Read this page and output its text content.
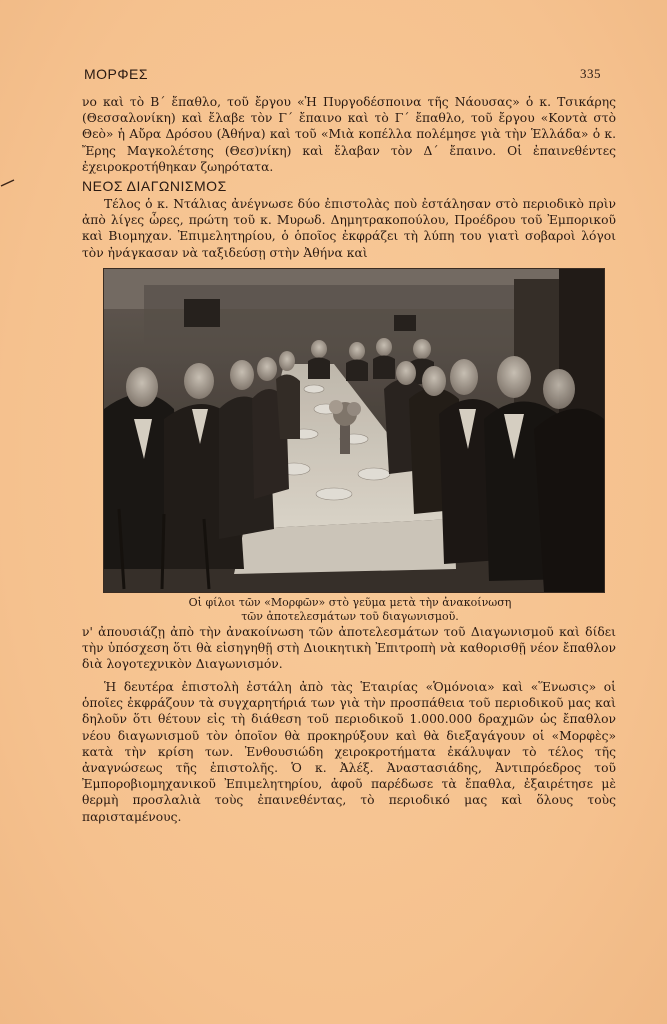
ΜΟΡΦΕΣ	335

νο καὶ τὸ Β΄ ἔπαθλο, τοῦ ἔργου «Ἡ Πυργοδέσποινα τῆς Νάουσας» ὁ κ. Τσικάρης (Θεσσαλονίκη) καὶ ἔλαβε τὸν Γ΄ ἔπαινο καὶ τὸ Γ΄ ἔπαθλο, τοῦ ἔργου «Κοντὰ στὸ Θεὸ» ἡ Αὔρα Δρόσου (Ἀθήνα) καὶ τοῦ «Μιὰ κοπέλλα πολέμησε γιὰ τὴν Ἑλλάδα» ὁ κ. Ἔρης Μαγκολέτσης (Θεσ)νίκη) καὶ ἔλαβαν τὸν Δ΄ ἔπαινο. Οἱ ἐπαινεθέντες ἐχειροκροτήθηκαν ζωηρότατα.

ΝΕΟΣ ΔΙΑΓΩΝΙΣΜΟΣ

Τέλος ὁ κ. Ντάλιας ἀνέγνωσε δύο ἐπιστολὰς ποὺ ἐστάλησαν στὸ περιοδικὸ πρὶν ἀπὸ λίγες ὧρες, πρώτη τοῦ κ. Μυρωδ. Δημητρακοπούλου, Προέδρου τοῦ Ἐμπορικοῦ καὶ Βιομηχαν. Ἐπιμελητηρίου, ὁ ὁποῖος ἐκφράζει τὴ λύπη του γιατὶ σοβαροὶ λόγοι τὸν ἠνάγκασαν νὰ ταξιδεύσῃ στὴν Ἀθήνα καὶ

Οἱ φίλοι τῶν «Μορφῶν» στὸ γεῦμα μετὰ τὴν ἀνακοίνωση
τῶν ἀποτελεσμάτων τοῦ διαγωνισμοῦ.

ν' ἀπουσιάζῃ ἀπὸ τὴν ἀνακοίνωση τῶν ἀποτελεσμάτων τοῦ Διαγωνισμοῦ καὶ δίδει τὴν ὑπόσχεση ὅτι θὰ εἰσηγηθῇ στὴ Διοικητικὴ Ἐπιτροπὴ νὰ καθορισθῇ νέον ἔπαθλον διὰ λογοτεχνικὸν Διαγωνισμόν.

Ἡ δευτέρα ἐπιστολὴ ἐστάλη ἀπὸ τὰς Ἑταιρίας «Ὁμόνοια» καὶ «Ἕνωσις» οἱ ὁποῖες ἐκφράζουν τὰ συγχαρητήριά των γιὰ τὴν προσπάθεια τοῦ περιοδικοῦ μας καὶ δηλοῦν ὅτι θέτουν εἰς τὴ διάθεση τοῦ περιοδικοῦ 1.000.000 δραχμῶν ὡς ἔπαθλον νέου διαγωνισμοῦ τὸν ὁποῖον θὰ προκηρύξουν καὶ θὰ διεξαγάγουν οἱ «Μορφὲς» κατὰ τὴν κρίση των. Ἐνθουσιώδη χειροκροτήματα ἐκάλυψαν τὸ τέλος τῆς ἀναγνώσεως τῆς ἐπιστολῆς. Ὁ κ. Ἀλέξ. Ἀναστασιάδης, Ἀντιπρόεδρος τοῦ Ἐμποροβιομηχανικοῦ Ἐπιμελητηρίου, ἀφοῦ παρέδωσε τὰ ἔπαθλα, ἐξαιρέτησε μὲ θερμὴ προσλαλιὰ τοὺς ἐπαινεθέντας, τὸ περιοδικό μας καὶ ὅλους τοὺς παρισταμένους.
